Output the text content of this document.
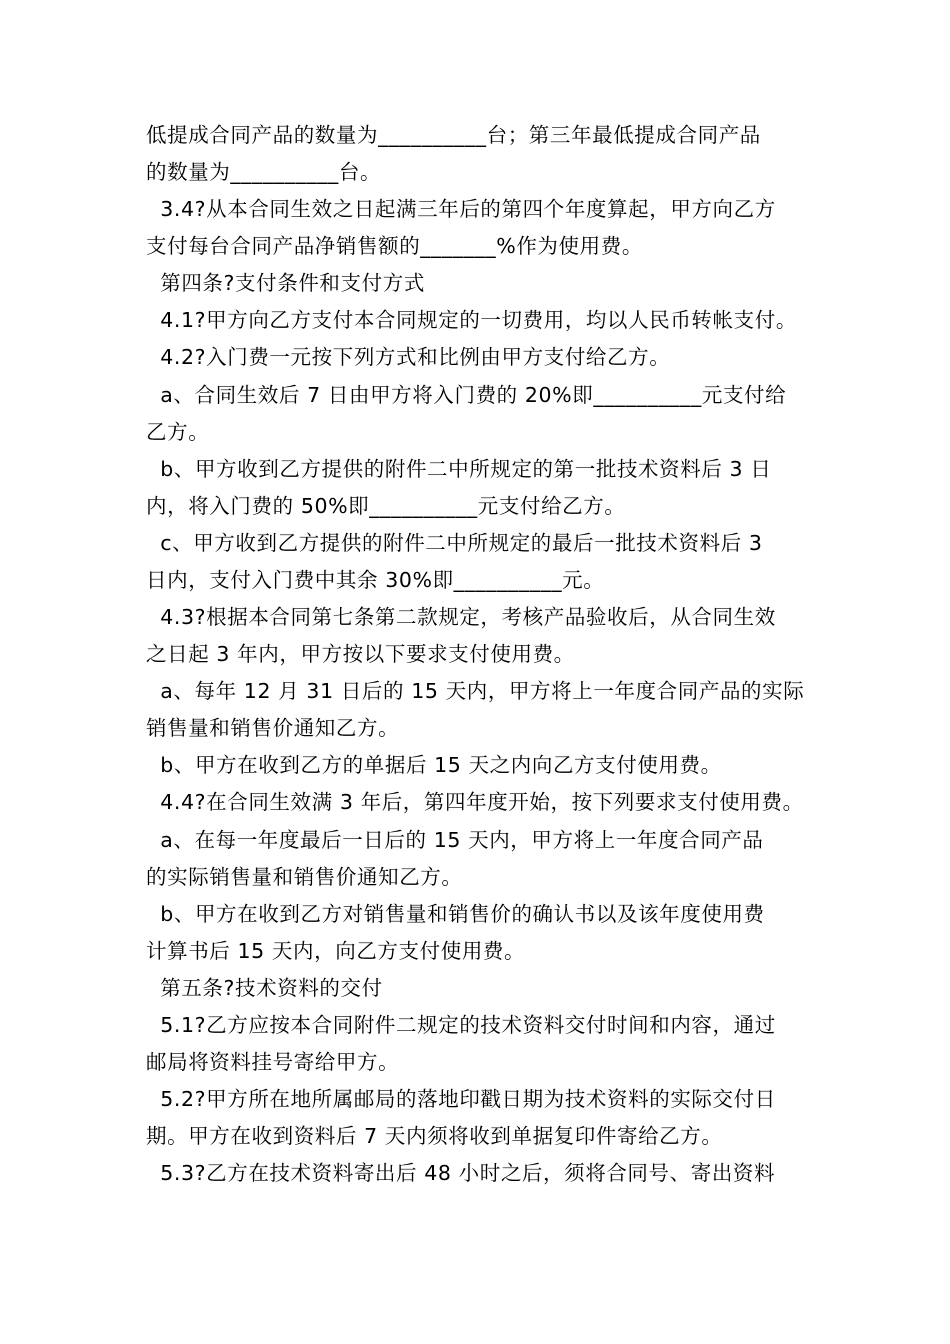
低提成合同产品的数量为__________台；第三年最低提成合同产品
的数量为__________台。
3.4?从本合同生效之日起满三年后的第四个年度算起，甲方向乙方
支付每台合同产品净销售额的_______%作为使用费。
第四条?支付条件和支付方式
4.1?甲方向乙方支付本合同规定的一切费用，均以人民币转帐支付。
4.2?入门费一元按下列方式和比例由甲方支付给乙方。
a、合同生效后 7 日由甲方将入门费的 20%即__________元支付给
乙方。
b、甲方收到乙方提供的附件二中所规定的第一批技术资料后 3 日
内，将入门费的 50%即__________元支付给乙方。
c、甲方收到乙方提供的附件二中所规定的最后一批技术资料后 3
日内，支付入门费中其余 30%即__________元。
4.3?根据本合同第七条第二款规定，考核产品验收后，从合同生效
之日起 3 年内，甲方按以下要求支付使用费。
a、每年 12 月 31 日后的 15 天内，甲方将上一年度合同产品的实际
销售量和销售价通知乙方。
b、甲方在收到乙方的单据后 15 天之内向乙方支付使用费。
4.4?在合同生效满 3 年后，第四年度开始，按下列要求支付使用费。
a、在每一年度最后一日后的 15 天内，甲方将上一年度合同产品
的实际销售量和销售价通知乙方。
b、甲方在收到乙方对销售量和销售价的确认书以及该年度使用费
计算书后 15 天内，向乙方支付使用费。
第五条?技术资料的交付
5.1?乙方应按本合同附件二规定的技术资料交付时间和内容，通过
邮局将资料挂号寄给甲方。
5.2?甲方所在地所属邮局的落地印戳日期为技术资料的实际交付日
期。甲方在收到资料后 7 天内须将收到单据复印件寄给乙方。
5.3?乙方在技术资料寄出后 48 小时之后，须将合同号、寄出资料
